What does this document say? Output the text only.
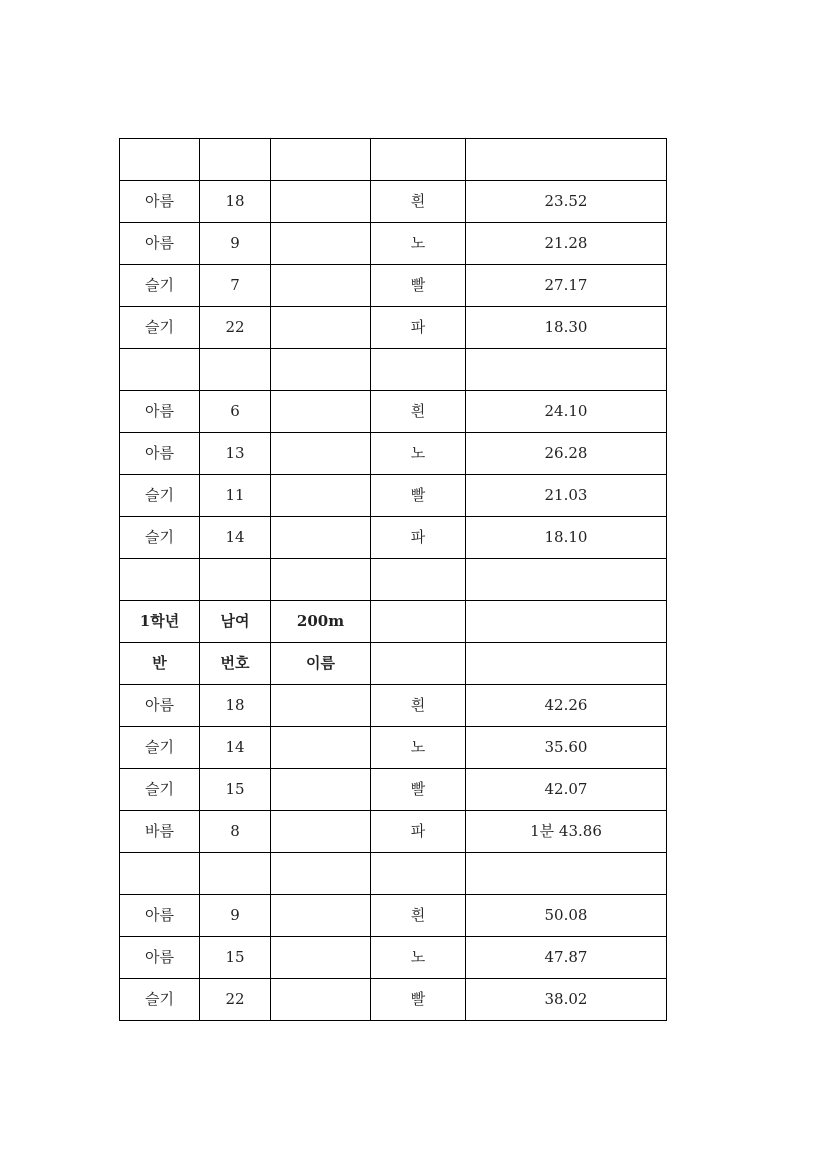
아름	18		흰	23.52
아름	9		노	21.28
슬기	7		빨	27.17
슬기	22		파	18.30

아름	6		흰	24.10
아름	13		노	26.28
슬기	11		빨	21.03
슬기	14		파	18.10

1학년	남여	200m		
반	번호	이름		
아름	18		흰	42.26
슬기	14		노	35.60
슬기	15		빨	42.07
바름	8		파	1분 43.86

아름	9		흰	50.08
아름	15		노	47.87
슬기	22		빨	38.02
